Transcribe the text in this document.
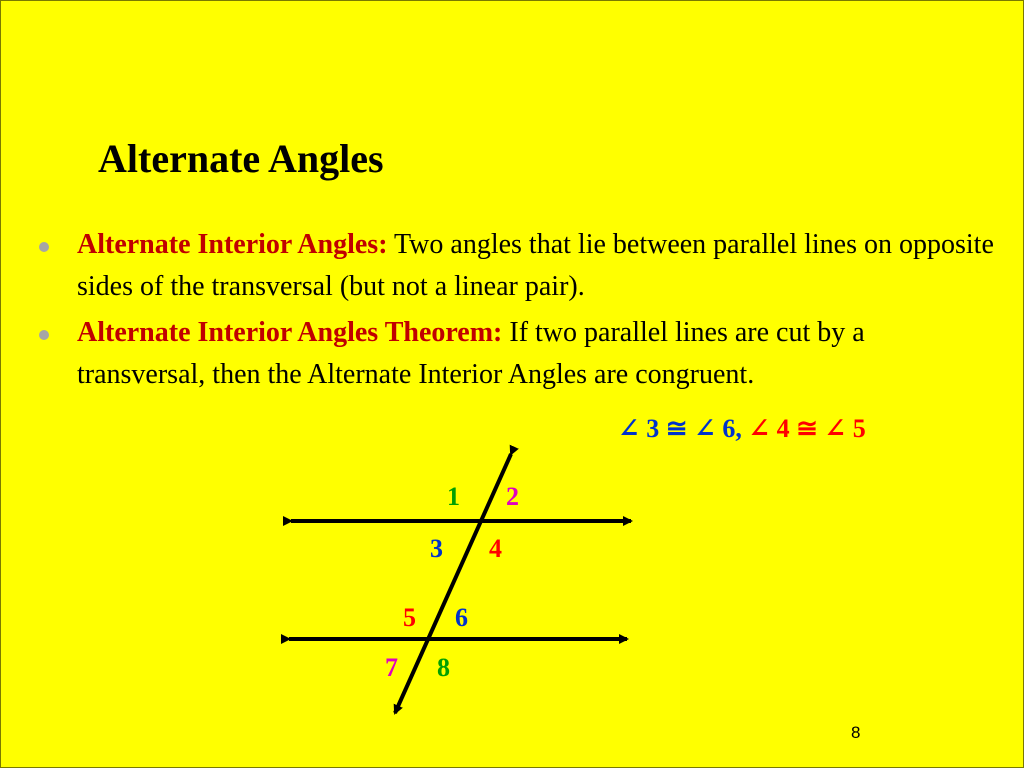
Alternate Angles
Alternate Interior Angles: Two angles that lie between parallel lines on opposite sides of the transversal (but not a linear pair).
Alternate Interior Angles Theorem: If two parallel lines are cut by a transversal, then the Alternate Interior Angles are congruent.
∠ 3 ≅ ∠ 6, ∠ 4 ≅ ∠ 5
1 2
3 4
5 6
7 8
8
